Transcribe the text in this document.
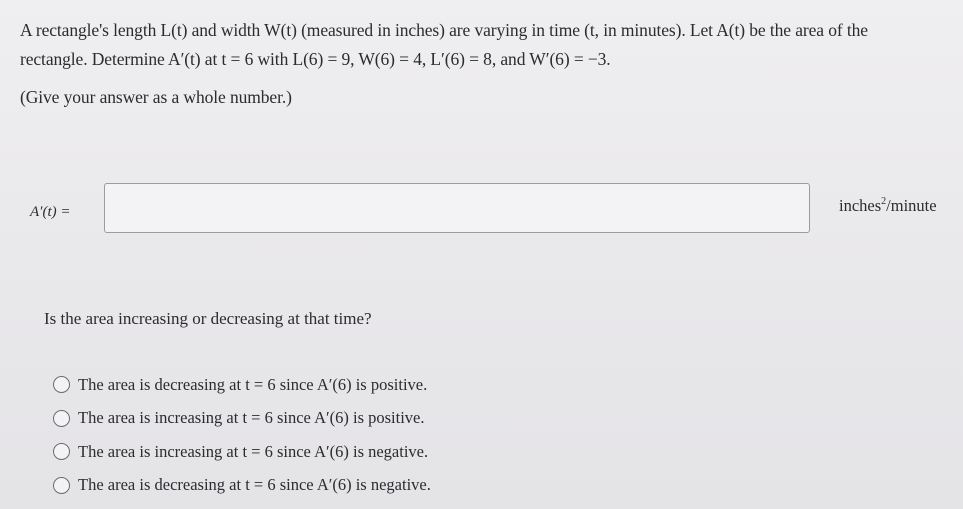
A rectangle's length L(t) and width W(t) (measured in inches) are varying in time (t, in minutes). Let A(t) be the area of the

rectangle. Determine A′(t) at t = 6 with L(6) = 9, W(6) = 4, L′(6) = 8, and W′(6) = −3.

(Give your answer as a whole number.)

A′(t) =	inches$^2$/minute
Is the area increasing or decreasing at that time?
The area is decreasing at t = 6 since A′(6) is positive.
The area is increasing at t = 6 since A′(6) is positive.
The area is increasing at t = 6 since A′(6) is negative.
The area is decreasing at t = 6 since A′(6) is negative.
